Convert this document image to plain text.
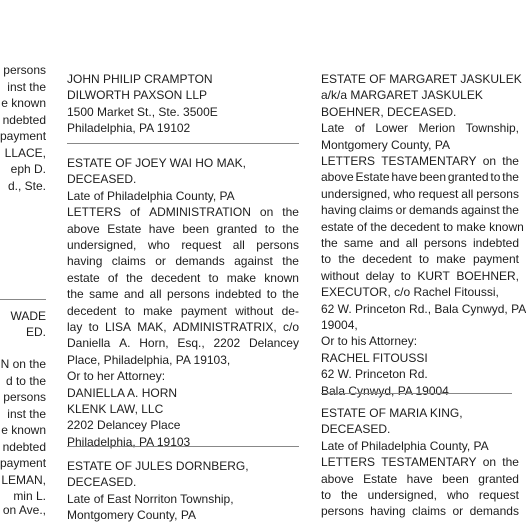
persons
inst the
e known
ndebted
payment
LLACE,
eph D.
d., Ste.
WADE
ED.
N on the
d to the
persons
inst the
e known
ndebted
payment
LEMAN,
min L.
on Ave.,
JOHN PHILIP CRAMPTON
DILWORTH PAXSON LLP
1500 Market St., Ste. 3500E
Philadelphia, PA 19102
ESTATE OF JOEY WAI HO MAK,
DECEASED.
Late of Philadelphia County, PA
LETTERS of ADMINISTRATION on the
above Estate have been granted to the
undersigned, who request all persons
having claims or demands against the
estate of the decedent to make known
the same and all persons indebted to the
decedent to make payment without de-
lay to LISA MAK, ADMINISTRATRIX, c/o
Daniella A. Horn, Esq., 2202 Delancey
Place, Philadelphia, PA 19103,
Or to her Attorney:
DANIELLA A. HORN
KLENK LAW, LLC
2202 Delancey Place
Philadelphia, PA 19103
ESTATE OF JULES DORNBERG,
DECEASED.
Late of East Norriton Township,
Montgomery County, PA
ESTATE OF MARGARET JASKULEK
a/k/a MARGARET JASKULEK
BOEHNER, DECEASED.
Late of Lower Merion Township,
Montgomery County, PA
LETTERS TESTAMENTARY on the
above Estate have been granted to the
undersigned, who request all persons
having claims or demands against the
estate of the decedent to make known
the same and all persons indebted
to the decedent to make payment
without delay to KURT BOEHNER,
EXECUTOR, c/o Rachel Fitoussi,
62 W. Princeton Rd., Bala Cynwyd, PA
19004,
Or to his Attorney:
RACHEL FITOUSSI
62 W. Princeton Rd.
Bala Cynwyd, PA 19004
ESTATE OF MARIA KING,
DECEASED.
Late of Philadelphia County, PA
LETTERS TESTAMENTARY on the
above Estate have been granted
to the undersigned, who request
persons having claims or demands
